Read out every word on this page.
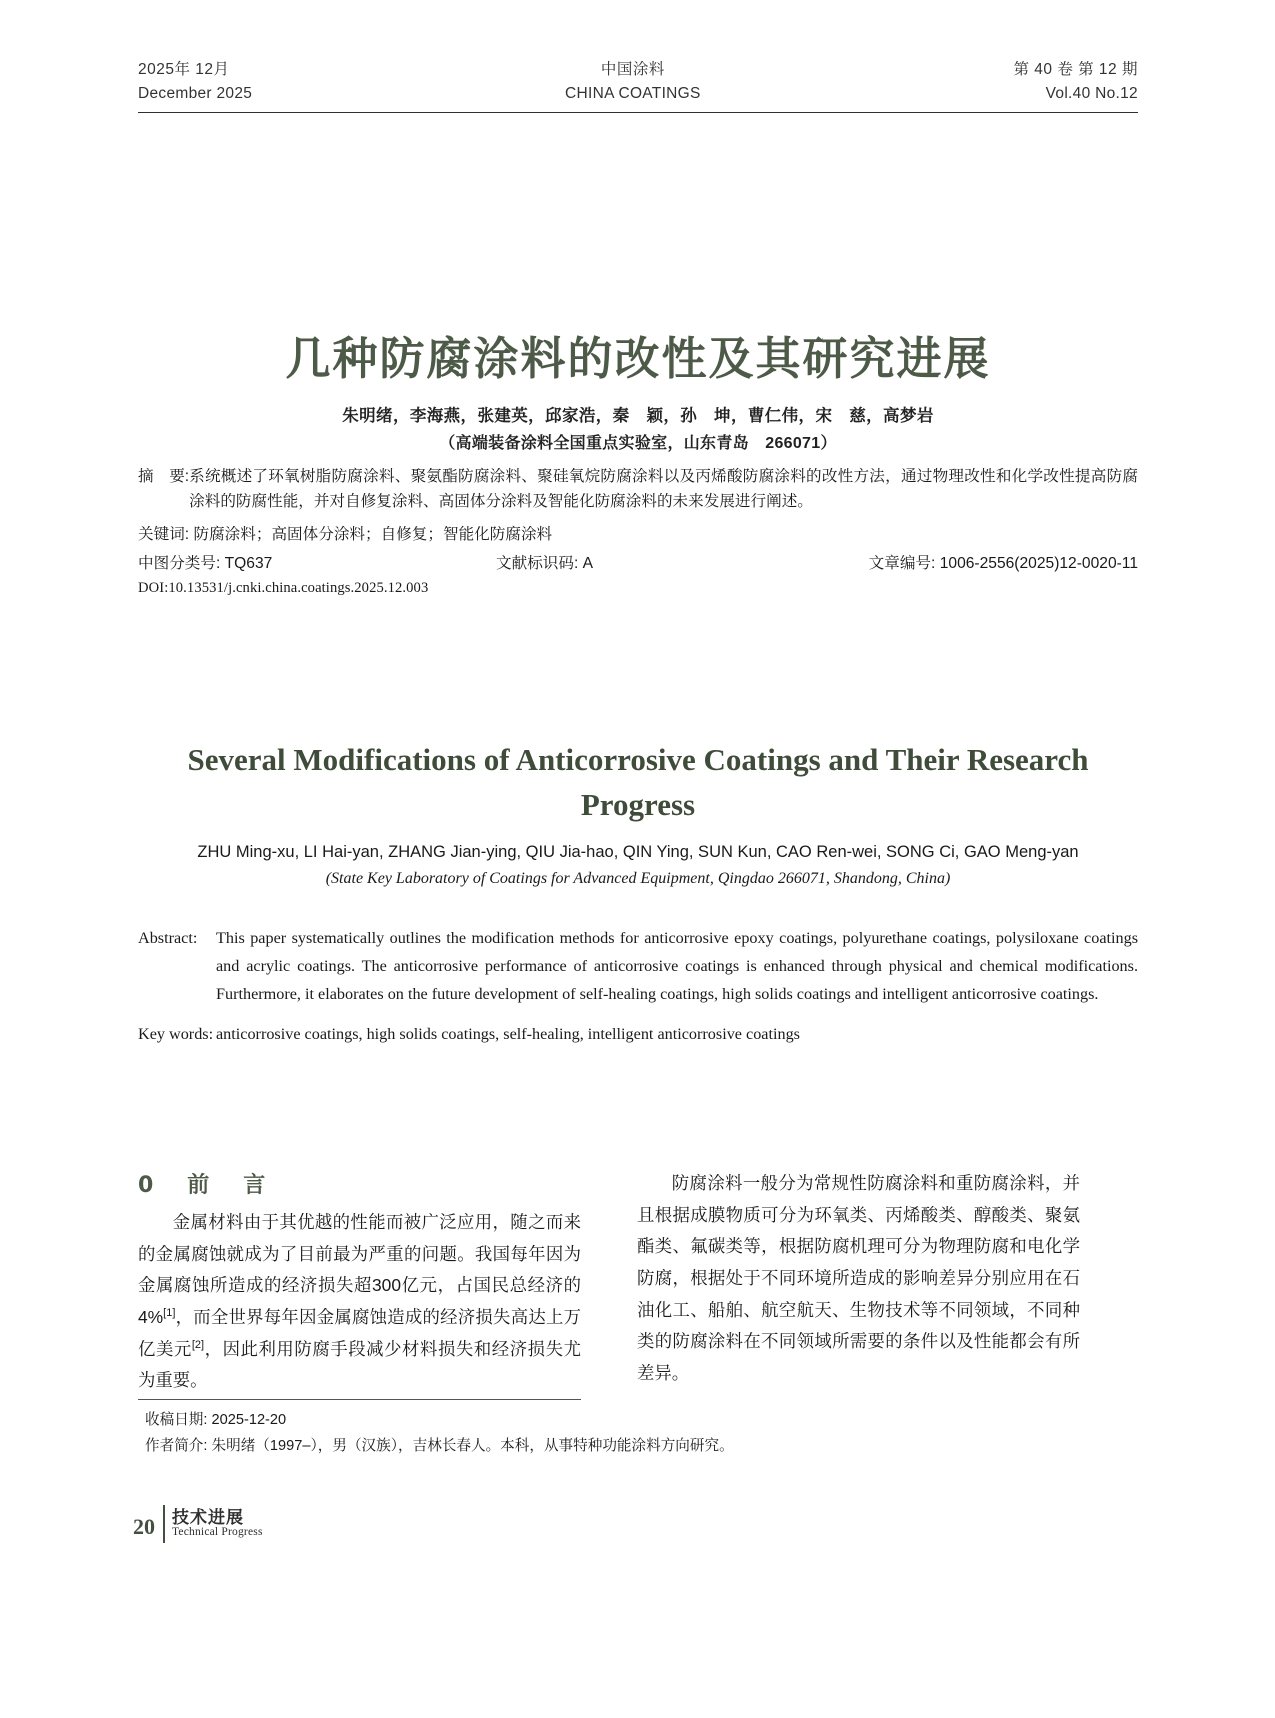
2025年 12月
December 2025
中国涂料
CHINA COATINGS
第 40 卷 第 12 期
Vol.40 No.12
几种防腐涂料的改性及其研究进展
朱明绪，李海燕，张建英，邱家浩，秦　颖，孙　坤，曹仁伟，宋　慈，高梦岩
（高端装备涂料全国重点实验室，山东青岛　266071）
摘　要: 系统概述了环氧树脂防腐涂料、聚氨酯防腐涂料、聚硅氧烷防腐涂料以及丙烯酸防腐涂料的改性方法，通过物理改性和化学改性提高防腐涂料的防腐性能，并对自修复涂料、高固体分涂料及智能化防腐涂料的未来发展进行阐述。
关键词: 防腐涂料；高固体分涂料；自修复；智能化防腐涂料
中图分类号: TQ637	文献标识码: A	文章编号: 1006-2556(2025)12-0020-11
DOI:10.13531/j.cnki.china.coatings.2025.12.003
Several Modifications of Anticorrosive Coatings and Their Research Progress
ZHU Ming-xu, LI Hai-yan, ZHANG Jian-ying, QIU Jia-hao, QIN Ying, SUN Kun, CAO Ren-wei, SONG Ci, GAO Meng-yan
(State Key Laboratory of Coatings for Advanced Equipment, Qingdao 266071, Shandong, China)
Abstract:	This paper systematically outlines the modification methods for anticorrosive epoxy coatings, polyurethane coatings, polysiloxane coatings and acrylic coatings. The anticorrosive performance of anticorrosive coatings is enhanced through physical and chemical modifications. Furthermore, it elaborates on the future development of self-healing coatings, high solids coatings and intelligent anticorrosive coatings.
Key words: anticorrosive coatings, high solids coatings, self-healing, intelligent anticorrosive coatings
0　前　言

金属材料由于其优越的性能而被广泛应用，随之而来的金属腐蚀就成为了目前最为严重的问题。我国每年因为金属腐蚀所造成的经济损失超300亿元，占国民总经济的4%[1]，而全世界每年因金属腐蚀造成的经济损失高达上万亿美元[2]，因此利用防腐手段减少材料损失和经济损失尤为重要。

防腐涂料一般分为常规性防腐涂料和重防腐涂料，并且根据成膜物质可分为环氧类、丙烯酸类、醇酸类、聚氨酯类、氟碳类等，根据防腐机理可分为物理防腐和电化学防腐，根据处于不同环境所造成的影响差异分别应用在石油化工、船舶、航空航天、生物技术等不同领域，不同种类的防腐涂料在不同领域所需要的条件以及性能都会有所差异。

收稿日期: 2025-12-20
作者简介: 朱明绪（1997–），男（汉族），吉林长春人。本科，从事特种功能涂料方向研究。
20 技术进展
Technical Progress
